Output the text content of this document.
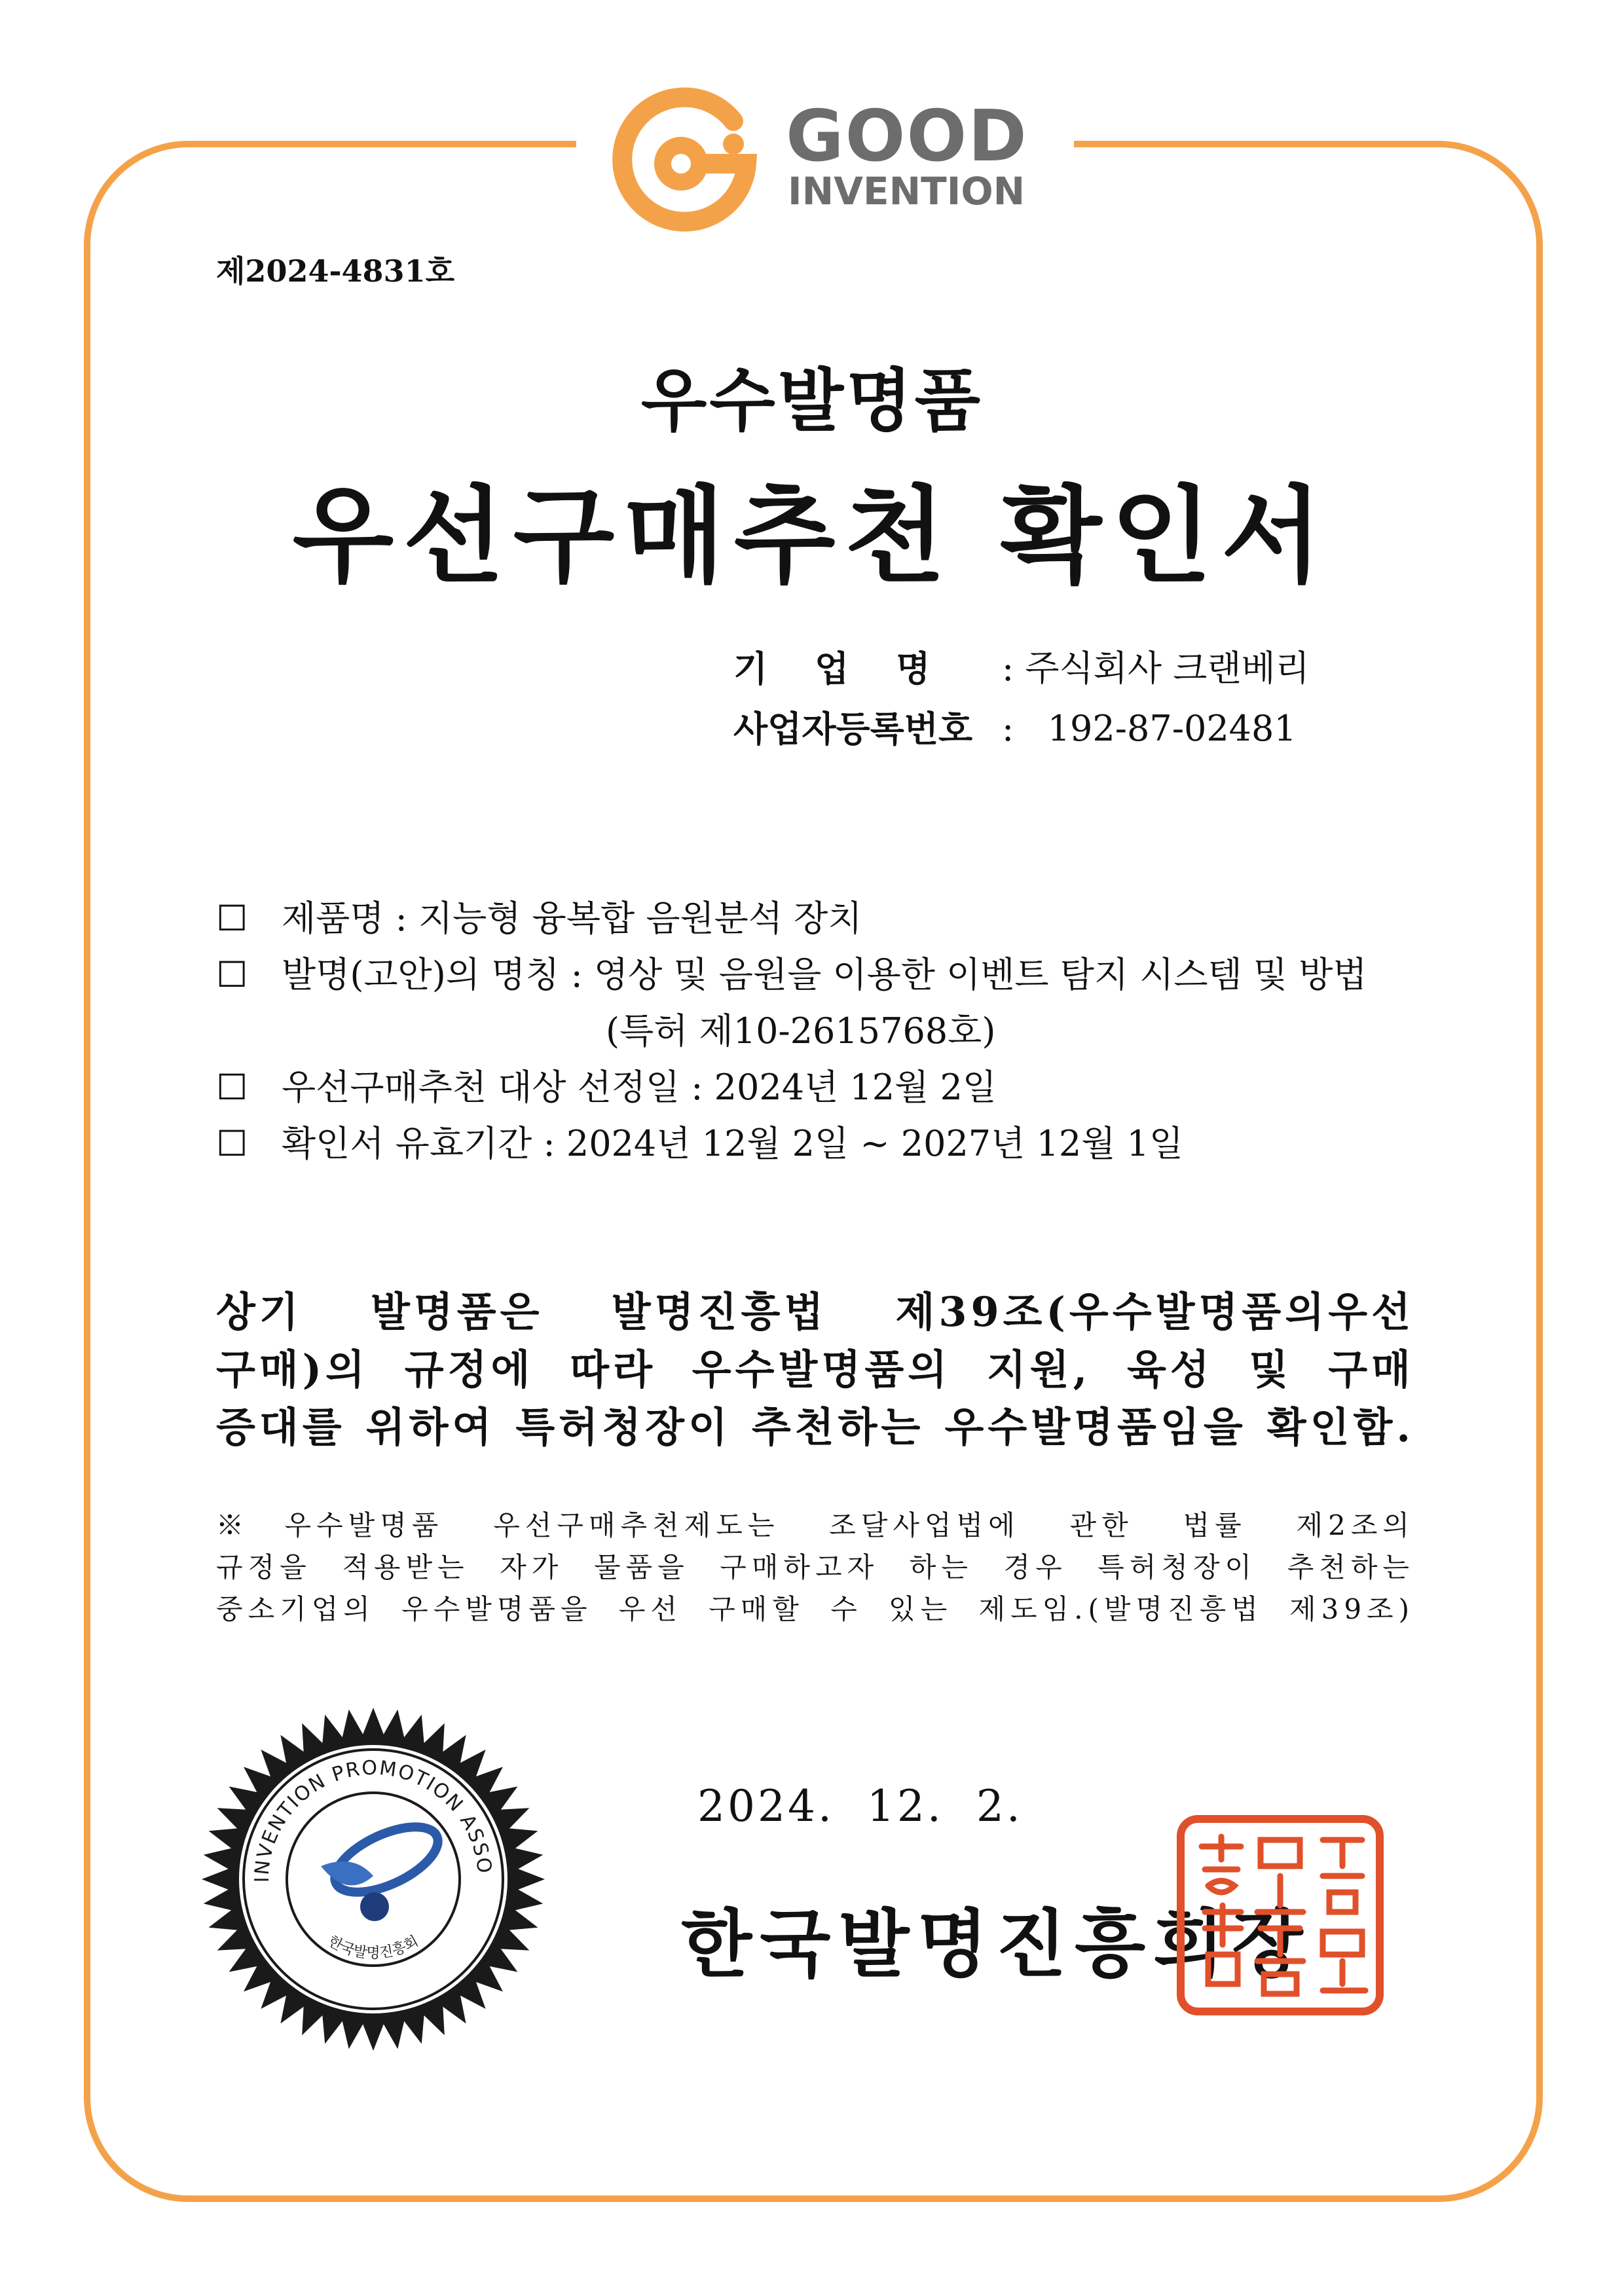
GOOD
INVENTION
제2024-4831호
우수발명품
우선구매추천 확인서
기업명 : 주식회사 크랜베리
사업자등록번호 :   192-87-02481
☐ 제품명 : 지능형 융복합 음원분석 장치
☐ 발명(고안)의 명칭 : 영상 및 음원을 이용한 이벤트 탐지 시스템 및 방법
(특허 제10-2615768호)
☐ 우선구매추천 대상 선정일 : 2024년 12월 2일
☐ 확인서 유효기간 : 2024년 12월 2일 ~ 2027년 12월 1일
상기 발명품은 발명진흥법 제39조(우수발명품의우선
구매)의 규정에 따라 우수발명품의 지원, 육성 및 구매
증대를 위하여 특허청장이 추천하는 우수발명품임을 확인함.
※우수발명품 우선구매추천제도는 조달사업법에 관한 법률 제2조의
규정을 적용받는 자가 물품을 구매하고자 하는 경우 특허청장이 추천하는
중소기업의 우수발명품을 우선 구매할 수 있는 제도임.(발명진흥법 제39조)
INVENTION PROMOTION ASSO
한국발명진흥회
2024.  12.  2.
한국발명진흥회장
